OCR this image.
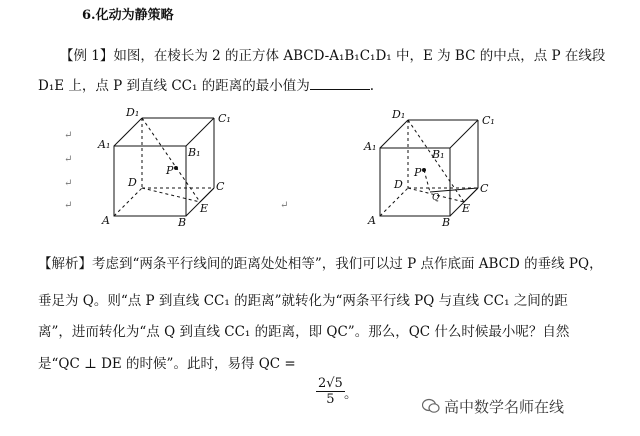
6.化动为静策略
【例 1】如图，在棱长为 2 的正方体 ABCD-A₁B₁C₁D₁ 中，E 为 BC 的中点，点 P 在线段
D₁E 上，点 P 到直线 CC₁ 的距离的最小值为	.
D₁	C₁
A₁
B₁
P
D	C
A	B
E
D₁	C₁
A₁
B₁
P
D	C
A	B
E
Q
↵
↵
↵
↵	↵
【解析】考虑到“两条平行线间的距离处处相等”，我们可以过 P 点作底面 ABCD 的垂线 PQ，
垂足为 Q。则“点 P 到直线 CC₁ 的距离”就转化为“两条平行线 PQ 与直线 CC₁ 之间的距
离”，进而转化为“点 Q 到直线 CC₁ 的距离，即 QC”。那么，QC 什么时候最小呢？自然
是“QC ⊥ DE 的时候”。此时，易得 QC =
$\frac{2√5}{5}$ 。
高中数学名师在线
